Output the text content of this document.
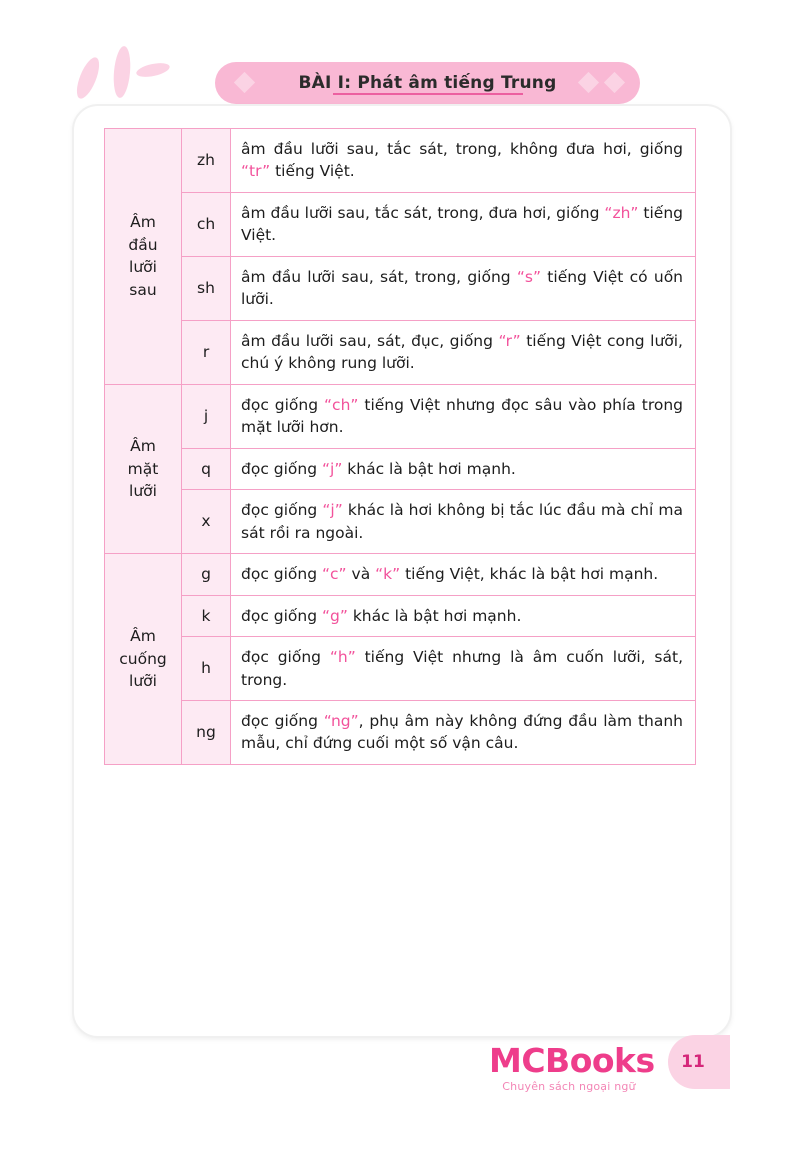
BÀI I: Phát âm tiếng Trung
Âm
đầu
lưỡi
sau	zh	âm đầu lưỡi sau, tắc sát, trong, không đưa hơi, giống “tr” tiếng Việt.
	ch	âm đầu lưỡi sau, tắc sát, trong, đưa hơi, giống “zh” tiếng Việt.
	sh	âm đầu lưỡi sau, sát, trong, giống “s” tiếng Việt có uốn lưỡi.
	r	âm đầu lưỡi sau, sát, đục, giống “r” tiếng Việt cong lưỡi, chú ý không rung lưỡi.

Âm
mặt
lưỡi	j	đọc giống “ch” tiếng Việt nhưng đọc sâu vào phía trong mặt lưỡi hơn.
	q	đọc giống “j” khác là bật hơi mạnh.
	x	đọc giống “j” khác là hơi không bị tắc lúc đầu mà chỉ ma sát rồi ra ngoài.

Âm
cuống
lưỡi	g	đọc giống “c” và “k” tiếng Việt, khác là bật hơi mạnh.
	k	đọc giống “g” khác là bật hơi mạnh.
	h	đọc giống “h” tiếng Việt nhưng là âm cuốn lưỡi, sát, trong.
	ng	đọc giống “ng”, phụ âm này không đứng đầu làm thanh mẫu, chỉ đứng cuối một số vận câu.
MCBooks
Chuyên sách ngoại ngữ
11
